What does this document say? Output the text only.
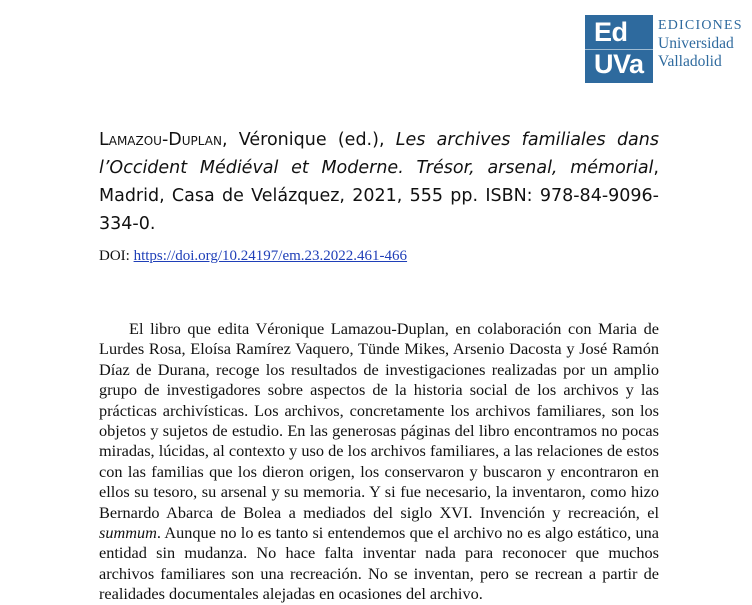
Ed
UVa
EDICIONES
Universidad
Valladolid
Lamazou-Duplan, Véronique (ed.), Les archives familiales dans l’Occident Médiéval et Moderne. Trésor, arsenal, mémorial, Madrid, Casa de Velázquez, 2021, 555 pp. ISBN: 978-84-9096-334-0.
DOI: https://doi.org/10.24197/em.23.2022.461-466

El libro que edita Véronique Lamazou-Duplan, en colaboración con Maria de Lurdes Rosa, Eloísa Ramírez Vaquero, Tünde Mikes, Arsenio Dacosta y José Ramón Díaz de Durana, recoge los resultados de investigaciones realizadas por un amplio grupo de investigadores sobre aspectos de la historia social de los archivos y las prácticas archivísticas. Los archivos, concretamente los archivos familiares, son los objetos y sujetos de estudio. En las generosas páginas del libro encontramos no pocas miradas, lúcidas, al contexto y uso de los archivos familiares, a las relaciones de estos con las familias que los dieron origen, los conservaron y buscaron y encontraron en ellos su tesoro, su arsenal y su memoria. Y si fue necesario, la inventaron, como hizo Bernardo Abarca de Bolea a mediados del siglo XVI. Invención y recreación, el summum. Aunque no lo es tanto si entendemos que el archivo no es algo estático, una entidad sin mudanza. No hace falta inventar nada para reconocer que muchos archivos familiares son una recreación. No se inventan, pero se recrean a partir de realidades documentales alejadas en ocasiones del archivo.
